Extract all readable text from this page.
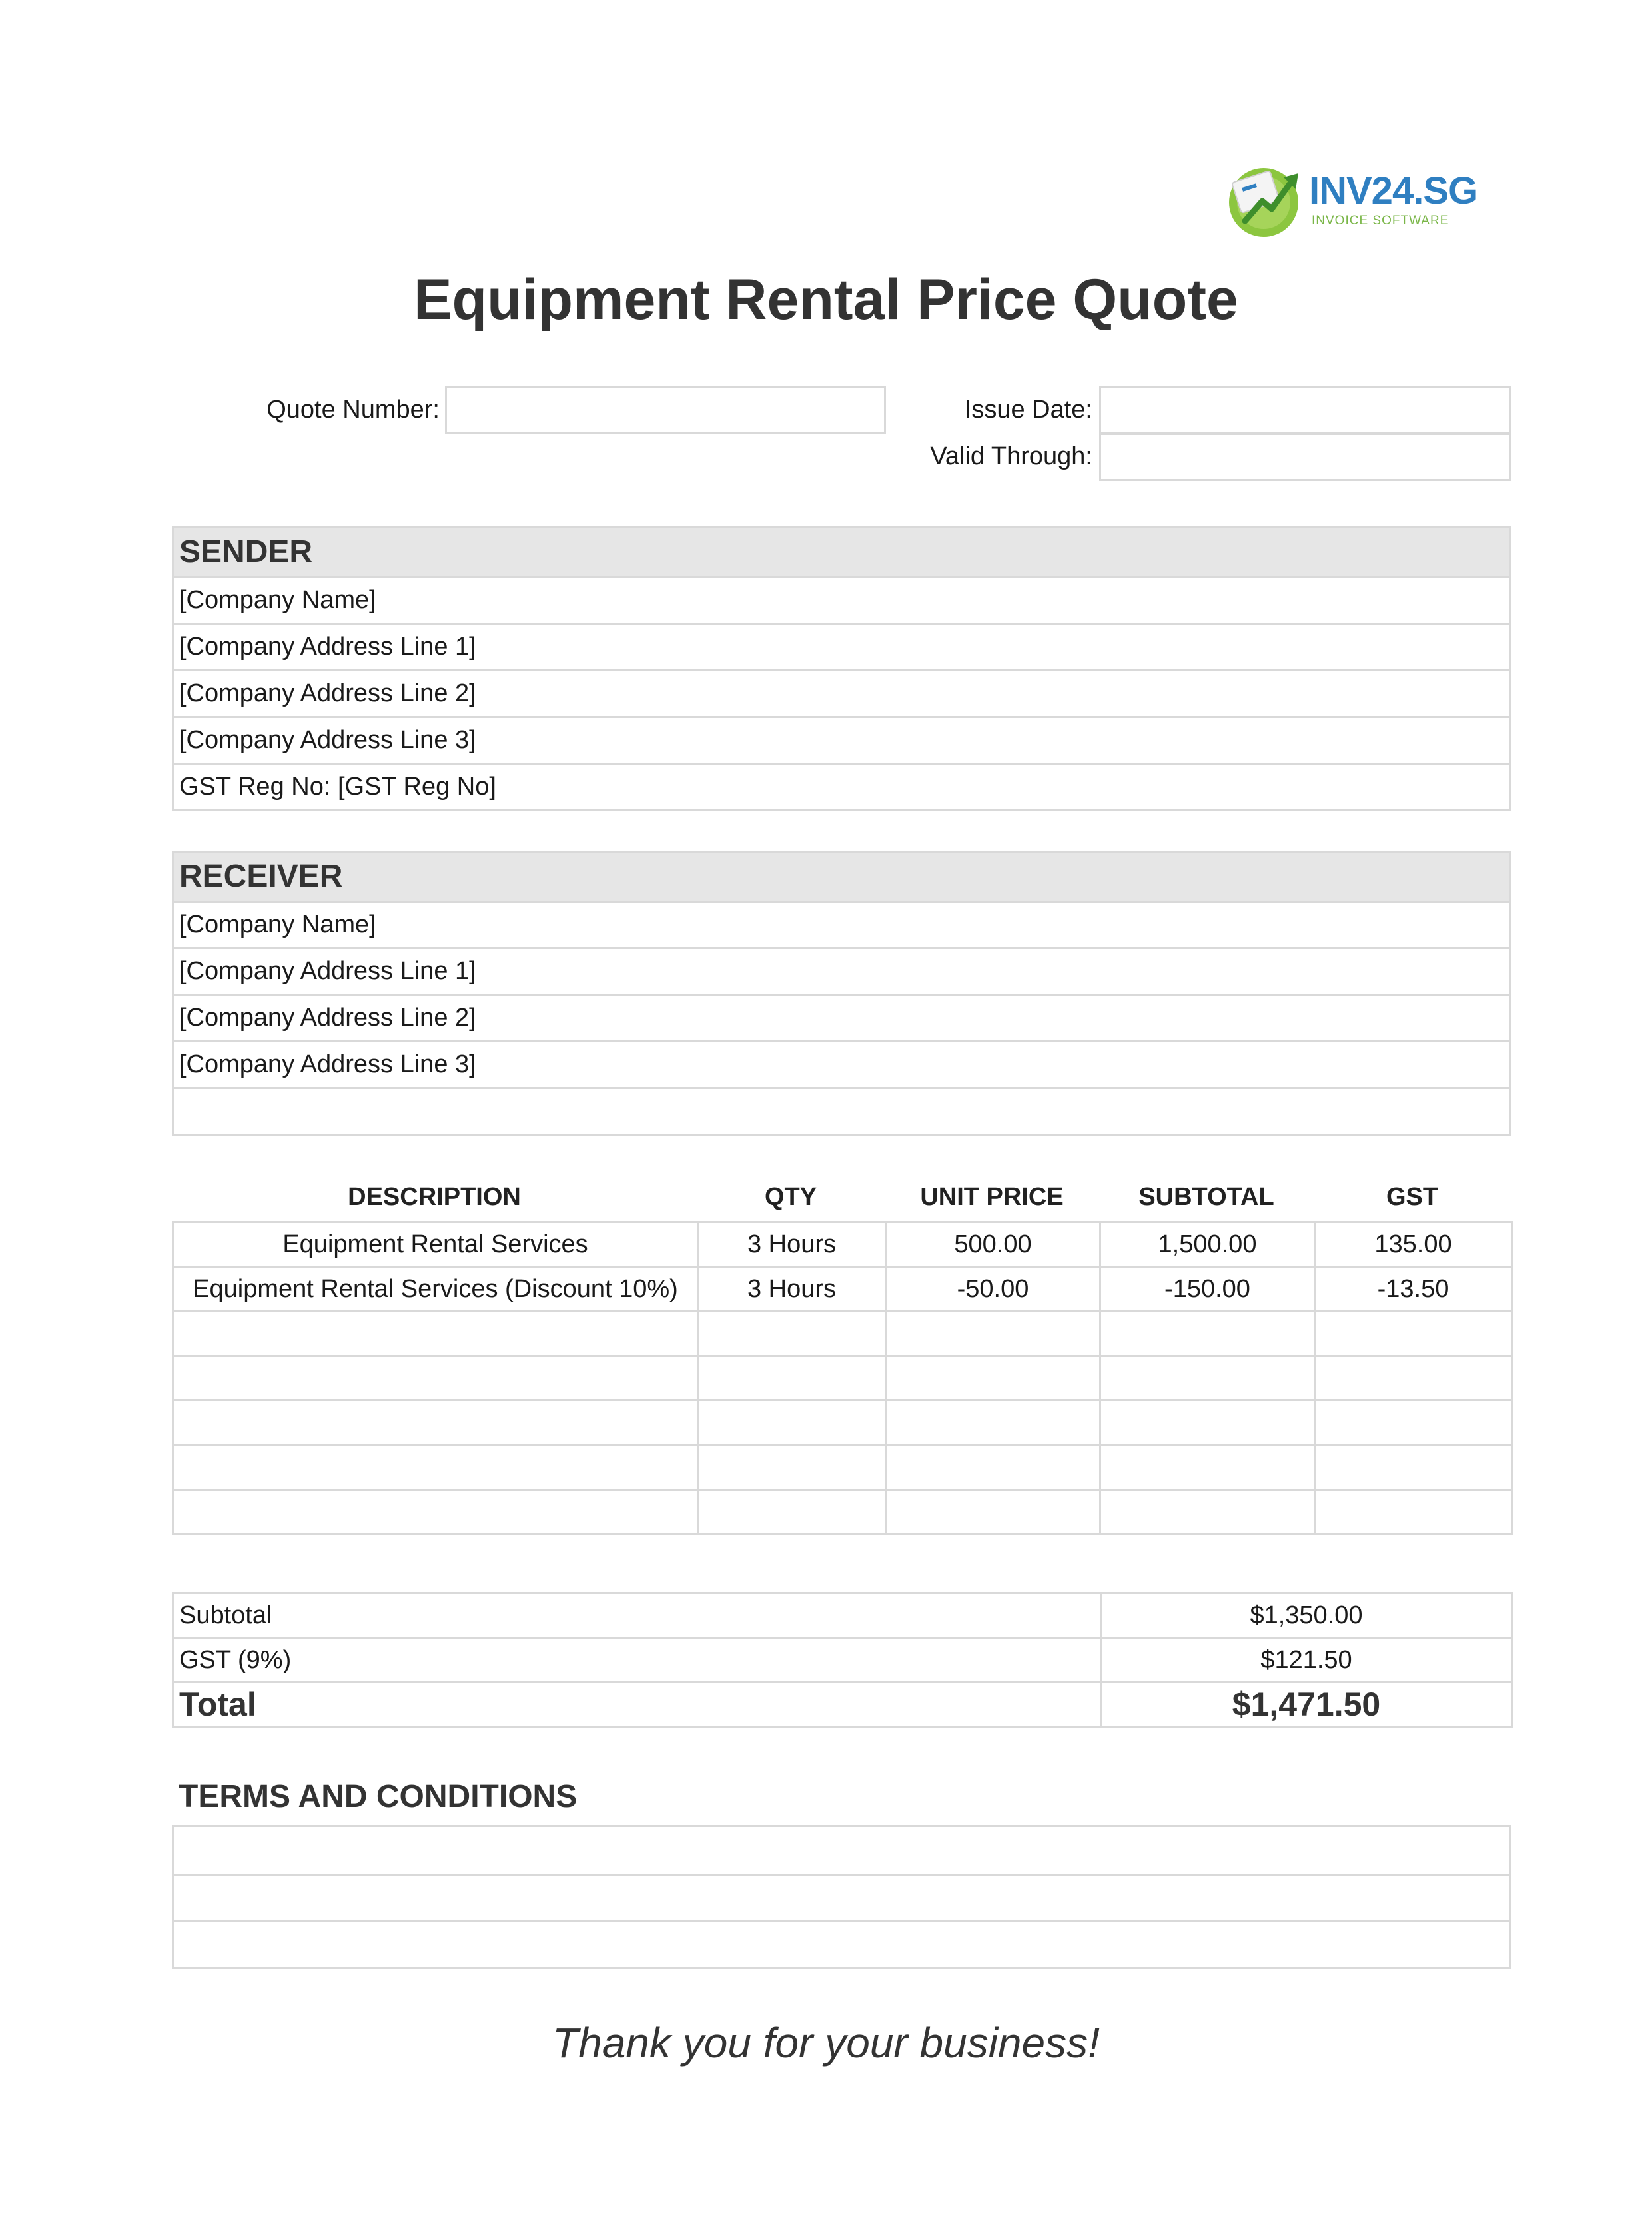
INV24.SG
INVOICE SOFTWARE
Equipment Rental Price Quote
Quote Number:	Issue Date:
Valid Through:
SENDER
[Company Name]
[Company Address Line 1]
[Company Address Line 2]
[Company Address Line 3]
GST Reg No: [GST Reg No]
RECEIVER
[Company Name]
[Company Address Line 1]
[Company Address Line 2]
[Company Address Line 3]
DESCRIPTION	QTY	UNIT PRICE	SUBTOTAL	GST
Equipment Rental Services	3 Hours	500.00	1,500.00	135.00
Equipment Rental Services (Discount 10%)	3 Hours	-50.00	-150.00	-13.50

Subtotal	$1,350.00
GST (9%)	$121.50
Total	$1,471.50
TERMS AND CONDITIONS
Thank you for your business!
